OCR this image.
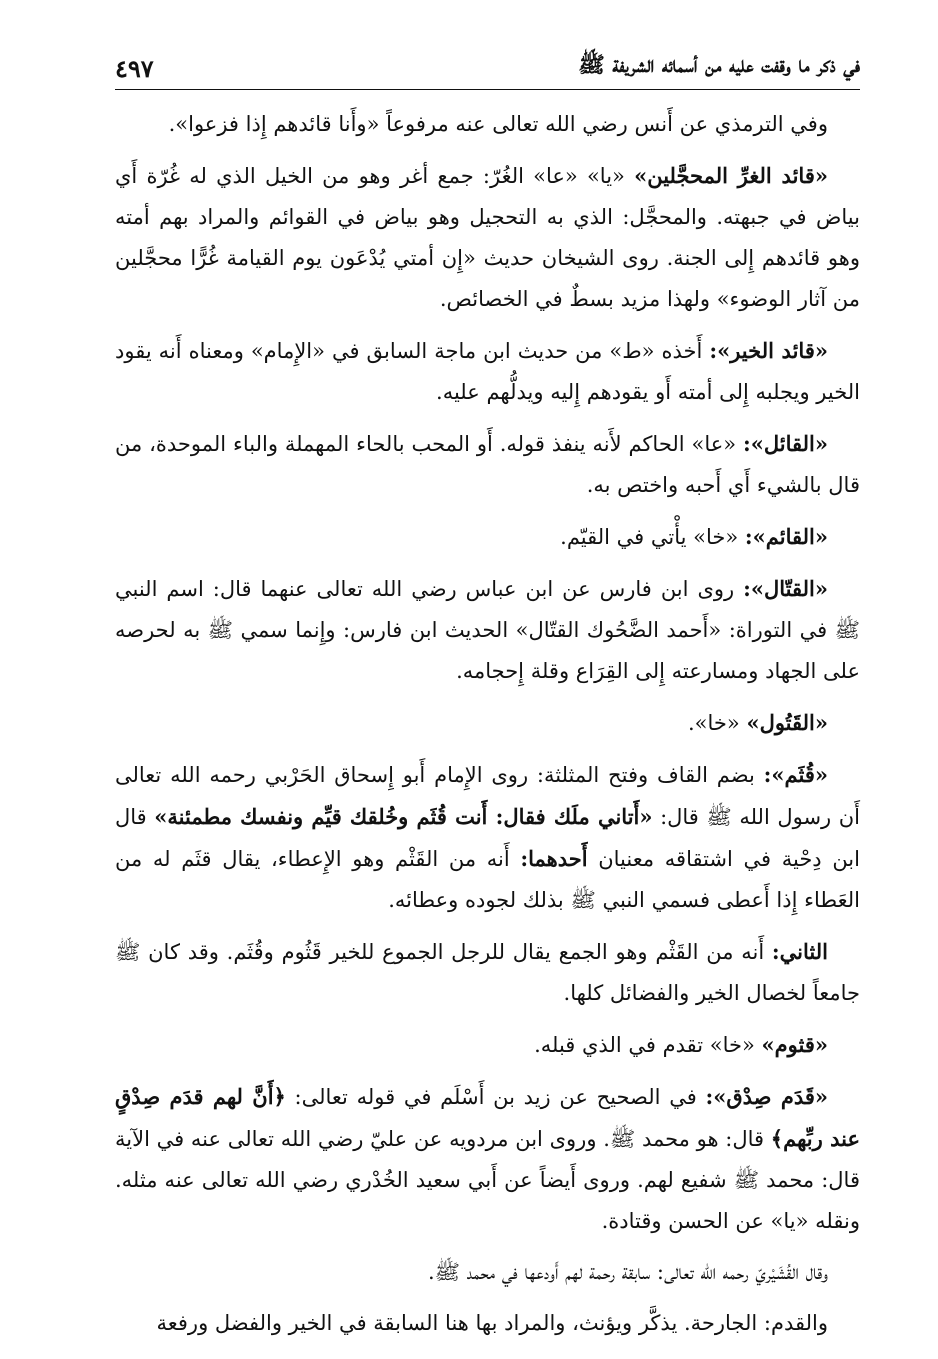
في ذكر ما وقفت عليه من أسمائه الشريفة ﷺ
٤٩٧

وفي الترمذي عن أَنس رضي الله تعالى عنه مرفوعاً «وأَنا قائدهم إِذا فزعوا».

«قائد الغرِّ المحجَّلين» «يا» «عا» الغُرّ: جمع أغر وهو من الخيل الذي له غُرّة أَي بياض في جبهته. والمحجَّل: الذي به التحجيل وهو بياض في القوائم والمراد بهم أمته وهو قائدهم إِلى الجنة. روى الشيخان حديث «إِن أمتي يُدْعَون يوم القيامة غُرًّا محجَّلين من آثار الوضوء» ولهذا مزيد بسطٌ في الخصائص.

«قائد الخير»: أَخذه «ط» من حديث ابن ماجة السابق في «الإِمام» ومعناه أَنه يقود الخير ويجلبه إِلى أمته أَو يقودهم إِليه ويدلُّهم عليه.

«القائل»: «عا» الحاكم لأَنه ينفذ قوله. أَو المحب بالحاء المهملة والباء الموحدة، من قال بالشيء أَي أَحبه واختص به.

«القائم»: «خا» يأْتي في القيّم.

«القتّال»: روى ابن فارس عن ابن عباس رضي الله تعالى عنهما قال: اسم النبي ﷺ في التوراة: «أَحمد الضَّحُوك القتّال» الحديث ابن فارس: وإِنما سمي ﷺ به لحرصه على الجهاد ومسارعته إِلى القِرَاع وقلة إِحجامه.

«القَتُول» «خا».

«قُثَم»: بضم القاف وفتح المثلثة: روى الإِمام أَبو إِسحاق الحَرْبي رحمه الله تعالى أَن رسول الله ﷺ قال: «أَتاني ملَك فقال: أَنت قُثَم وخُلقك قيِّم ونفسك مطمئنة» قال ابن دِحْية في اشتقاقه معنيان أَحدهما: أَنه من القَثْم وهو الإِعطاء، يقال قثَم له من العَطاء إِذا أَعطى فسمي النبي ﷺ بذلك لجوده وعطائه.

الثاني: أَنه من القَثْم وهو الجمع يقال للرجل الجموع للخير قَثُوم وقُثَم. وقد كان ﷺ جامعاً لخصال الخير والفضائل كلها.

«قثوم» «خا» تقدم في الذي قبله.

«قَدَم صِدْق»: في الصحيح عن زيد بن أَسْلَم في قوله تعالى: ﴿أَنَّ لهم قدَم صِدْقٍ عند ربِّهم﴾ قال: هو محمد ﷺ. وروى ابن مردويه عن عليّ رضي الله تعالى عنه في الآية قال: محمد ﷺ شفيع لهم. وروى أَيضاً عن أَبي سعيد الخُدْري رضي الله تعالى عنه مثله. ونقله «يا» عن الحسن وقتادة.

وقال القُشَيْريّ رحمه الله تعالى: سابقة رحمة لهم أَودعها في محمد ﷺ.

والقدم: الجارحة. يذكَّر ويؤنث، والمراد بها هنا السابقة في الخير والفضل ورفعة
